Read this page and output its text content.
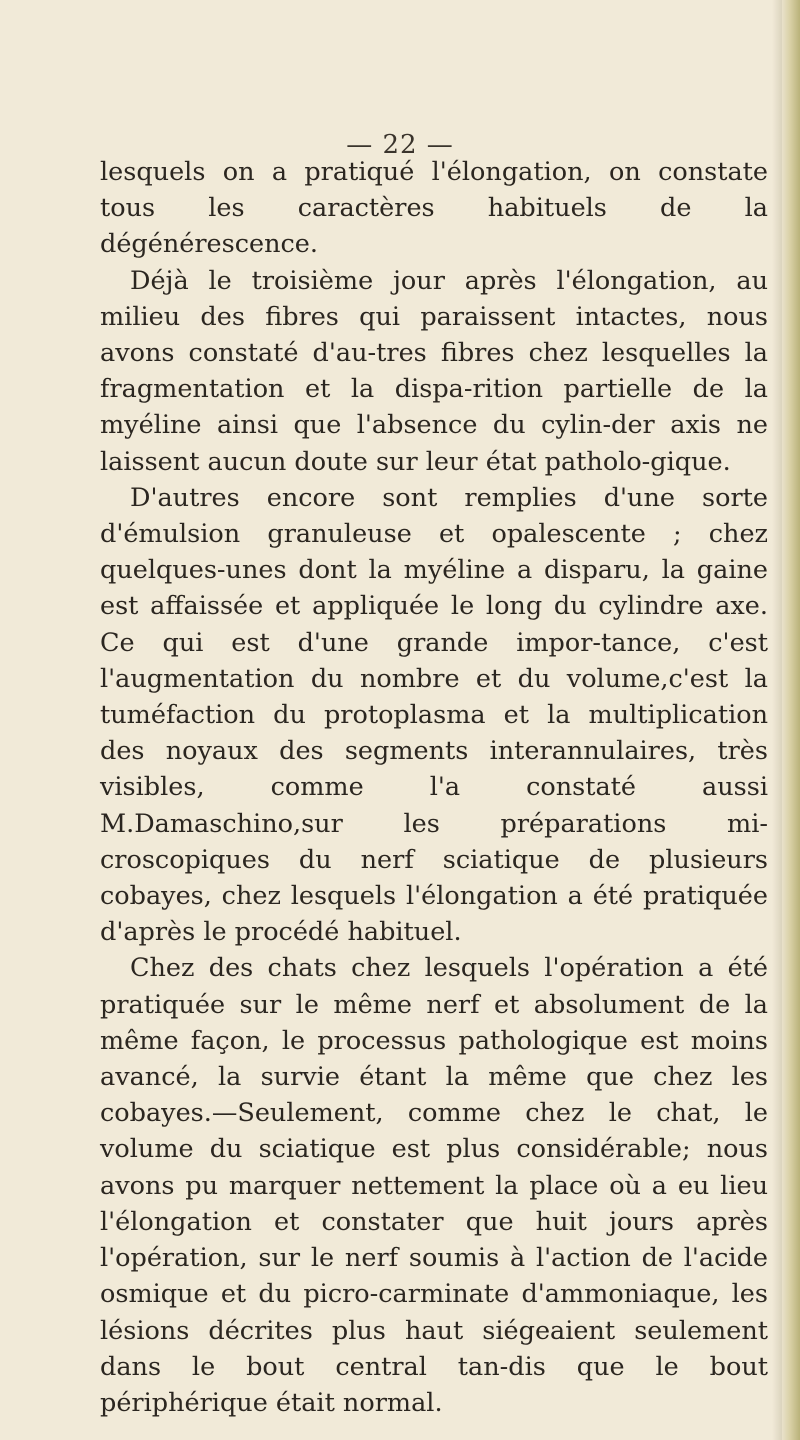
— 22 —

lesquels on a pratiqué l'élongation, on constate tous les caractères habituels de la dégénérescence.

Déjà le troisième jour après l'élongation, au milieu des fibres qui paraissent intactes, nous avons constaté d'au-tres fibres chez lesquelles la fragmentation et la dispa-rition partielle de la myéline ainsi que l'absence du cylin-der axis ne laissent aucun doute sur leur état patholo-gique.

D'autres encore sont remplies d'une sorte d'émulsion granuleuse et opalescente ; chez quelques-unes dont la myéline a disparu, la gaine est affaissée et appliquée le long du cylindre axe. Ce qui est d'une grande impor-tance, c'est l'augmentation du nombre et du volume,c'est la tuméfaction du protoplasma et la multiplication des noyaux des segments interannulaires, très visibles, comme l'a constaté aussi M.Damaschino,sur les préparations mi-croscopiques du nerf sciatique de plusieurs cobayes, chez lesquels l'élongation a été pratiquée d'après le procédé habituel.

Chez des chats chez lesquels l'opération a été pratiquée sur le même nerf et absolument de la même façon, le processus pathologique est moins avancé, la survie étant la même que chez les cobayes.—Seulement, comme chez le chat, le volume du sciatique est plus considérable; nous avons pu marquer nettement la place où a eu lieu l'élongation et constater que huit jours après l'opération, sur le nerf soumis à l'action de l'acide osmique et du picro-carminate d'ammoniaque, les lésions décrites plus haut siégeaient seulement dans le bout central tan-dis que le bout périphérique était normal.
